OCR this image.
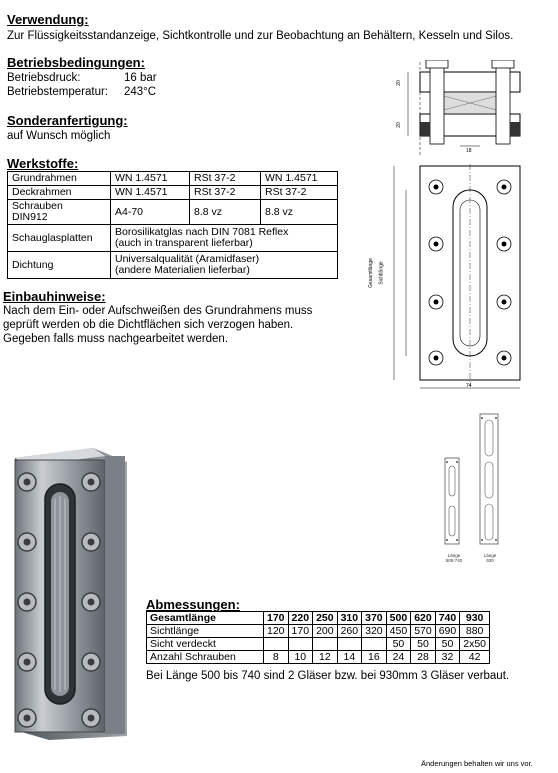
Verwendung:
Zur Flüssigkeitsstandanzeige, Sichtkontrolle und zur Beobachtung an Behältern, Kesseln und Silos.
Betriebsbedingungen:
Betriebsdruck:	16 bar
Betriebstemperatur: 243°C
Sonderanfertigung:
auf Wunsch möglich
Werkstoffe:
Grundrahmen	WN 1.4571	RSt 37-2	WN 1.4571
Deckrahmen	WN 1.4571	RSt 37-2	RSt 37-2

Schrauben
DIN912	A4-70	8.8 vz	8.8 vz
Schauglasplatten	Borosilikatglas nach DIN 7081 Reflex
(auch in transparent lieferbar)		

Dichtung	Universalqualität (Aramidfaser)
(andere Materialien lieferbar)		
Einbauhinweise:
Nach dem Ein- oder Aufschweißen des Grundrahmens muss
geprüft werden ob die Dichtflächen sich verzogen haben.
Gegeben falls muss nachgearbeitet werden.
20
20
18
Gesamtlänge Sichtlänge
74
Länge
500-740
Länge
930
Abmessungen:
Gesamtlänge	170	220	250	310	370	500	620	740	930
Sichtlänge	120	170	200	260	320	450	570	690	880
Sicht verdeckt						50	50	50	2x50
Anzahl Schrauben	8	10	12	14	16	24	28	32	42
Bei Länge 500 bis 740 sind 2 Gläser bzw. bei 930mm 3 Gläser verbaut.
Änderungen behalten wir uns vor.
